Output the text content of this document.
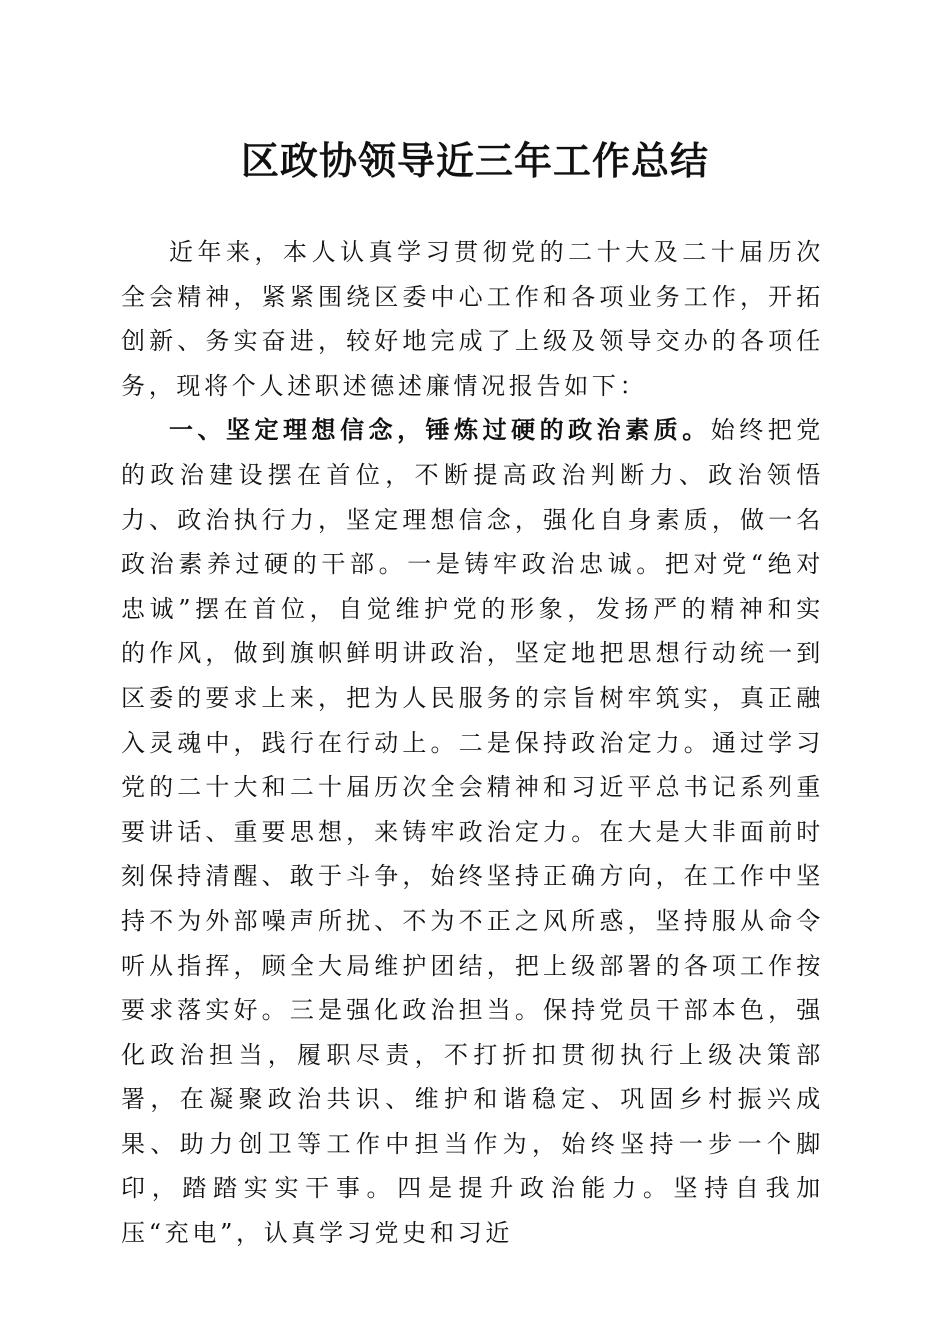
区政协领导近三年工作总结

近年来，本人认真学习贯彻党的二十大及二十届历次全会精神，紧紧围绕区委中心工作和各项业务工作，开拓创新、务实奋进，较好地完成了上级及领导交办的各项任务，现将个人述职述德述廉情况报告如下：

一、坚定理想信念，锤炼过硬的政治素质。始终把党的政治建设摆在首位，不断提高政治判断力、政治领悟力、政治执行力，坚定理想信念，强化自身素质，做一名政治素养过硬的干部。一是铸牢政治忠诚。把对党“绝对忠诚”摆在首位，自觉维护党的形象，发扬严的精神和实的作风，做到旗帜鲜明讲政治，坚定地把思想行动统一到区委的要求上来，把为人民服务的宗旨树牢筑实，真正融入灵魂中，践行在行动上。二是保持政治定力。通过学习党的二十大和二十届历次全会精神和习近平总书记系列重要讲话、重要思想，来铸牢政治定力。在大是大非面前时刻保持清醒、敢于斗争，始终坚持正确方向，在工作中坚持不为外部噪声所扰、不为不正之风所惑，坚持服从命令听从指挥，顾全大局维护团结，把上级部署的各项工作按要求落实好。三是强化政治担当。保持党员干部本色，强化政治担当，履职尽责，不打折扣贯彻执行上级决策部署，在凝聚政治共识、维护和谐稳定、巩固乡村振兴成果、助力创卫等工作中担当作为，始终坚持一步一个脚印，踏踏实实干事。四是提升政治能力。坚持自我加压“充电”，认真学习党史和习近
